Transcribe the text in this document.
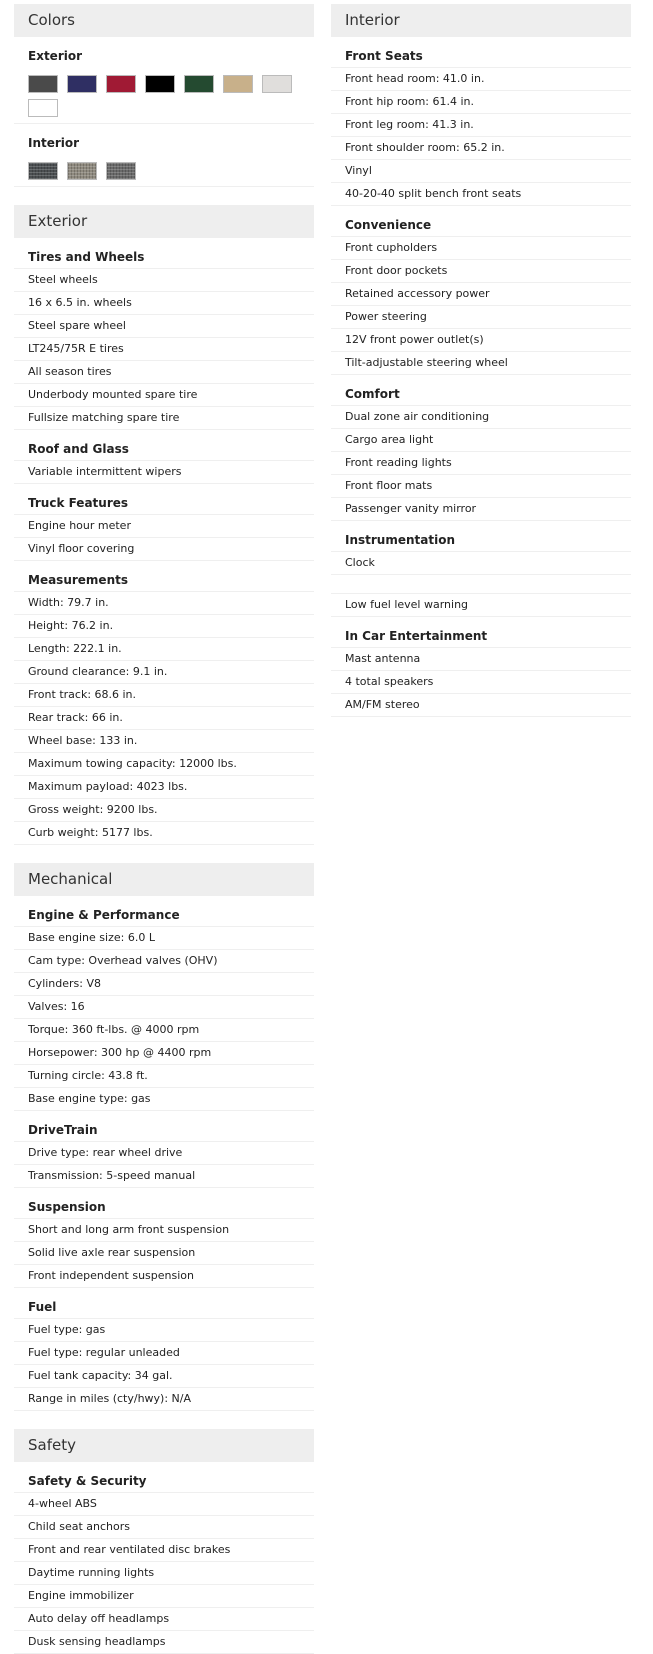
Colors
Exterior
Interior
Exterior
Tires and Wheels
Steel wheels
16 x 6.5 in. wheels
Steel spare wheel
LT245/75R E tires
All season tires
Underbody mounted spare tire
Fullsize matching spare tire
Roof and Glass
Variable intermittent wipers
Truck Features
Engine hour meter
Vinyl floor covering
Measurements
Width: 79.7 in.
Height: 76.2 in.
Length: 222.1 in.
Ground clearance: 9.1 in.
Front track: 68.6 in.
Rear track: 66 in.
Wheel base: 133 in.
Maximum towing capacity: 12000 lbs.
Maximum payload: 4023 lbs.
Gross weight: 9200 lbs.
Curb weight: 5177 lbs.
Mechanical
Engine & Performance
Base engine size: 6.0 L
Cam type: Overhead valves (OHV)
Cylinders: V8
Valves: 16
Torque: 360 ft-lbs. @ 4000 rpm
Horsepower: 300 hp @ 4400 rpm
Turning circle: 43.8 ft.
Base engine type: gas
DriveTrain
Drive type: rear wheel drive
Transmission: 5-speed manual
Suspension
Short and long arm front suspension
Solid live axle rear suspension
Front independent suspension
Fuel
Fuel type: gas
Fuel type: regular unleaded
Fuel tank capacity: 34 gal.
Range in miles (cty/hwy): N/A
Safety
Safety & Security
4-wheel ABS
Child seat anchors
Front and rear ventilated disc brakes
Daytime running lights
Engine immobilizer
Auto delay off headlamps
Dusk sensing headlamps
Interior
Front Seats
Front head room: 41.0 in.
Front hip room: 61.4 in.
Front leg room: 41.3 in.
Front shoulder room: 65.2 in.
Vinyl
40-20-40 split bench front seats
Convenience
Front cupholders
Front door pockets
Retained accessory power
Power steering
12V front power outlet(s)
Tilt-adjustable steering wheel
Comfort
Dual zone air conditioning
Cargo area light
Front reading lights
Front floor mats
Passenger vanity mirror
Instrumentation
Clock
Low fuel level warning
In Car Entertainment
Mast antenna
4 total speakers
AM/FM stereo
